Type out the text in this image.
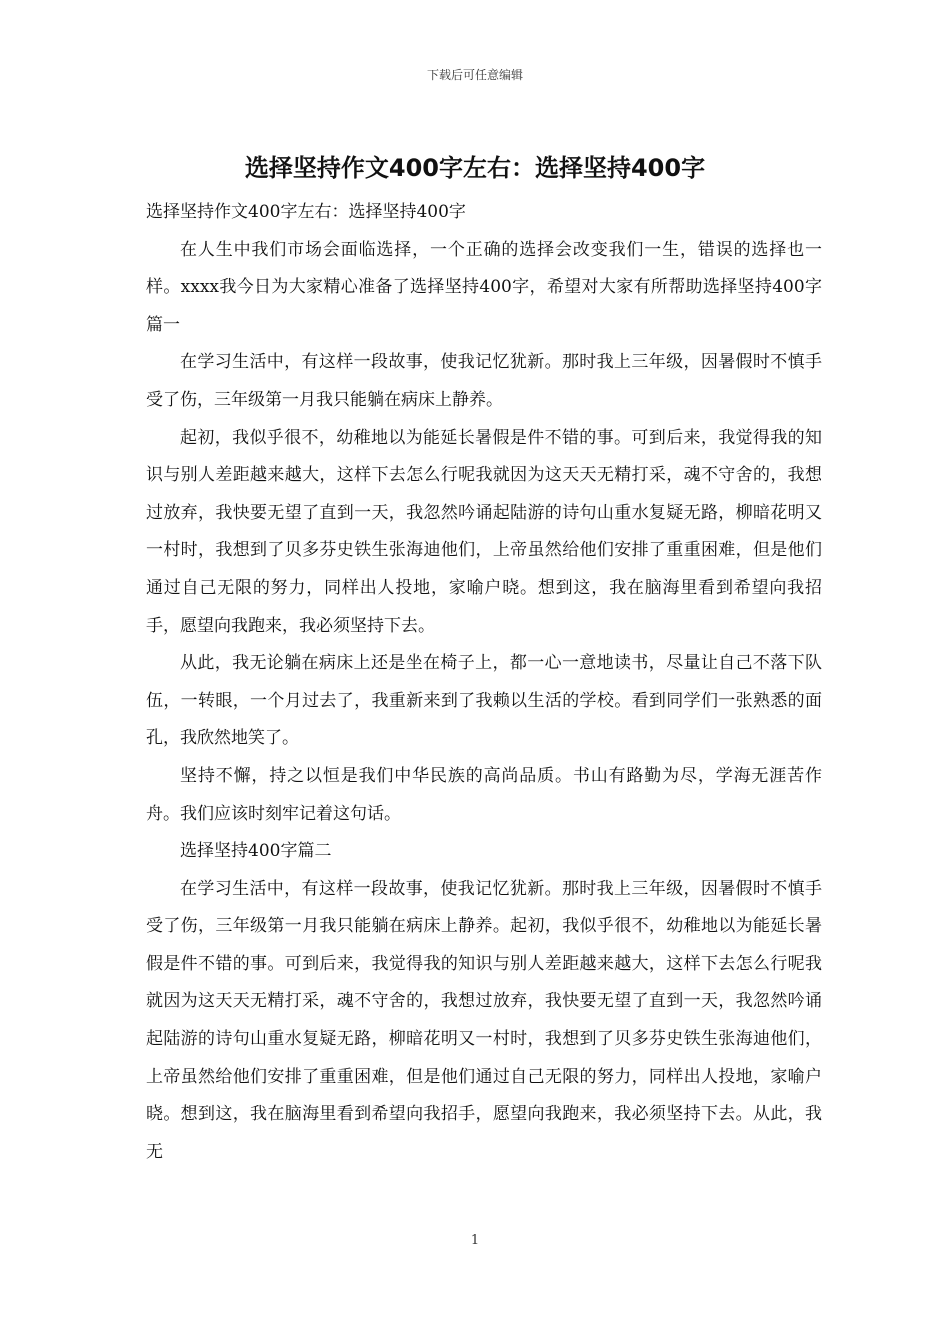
下载后可任意编辑
选择坚持作文400字左右：选择坚持400字

选择坚持作文400字左右：选择坚持400字

在人生中我们市场会面临选择，一个正确的选择会改变我们一生，错误的选择也一样。xxxx我今日为大家精心准备了选择坚持400字，希望对大家有所帮助选择坚持400字篇一

在学习生活中，有这样一段故事，使我记忆犹新。那时我上三年级，因暑假时不慎手受了伤，三年级第一月我只能躺在病床上静养。

起初，我似乎很不，幼稚地以为能延长暑假是件不错的事。可到后来，我觉得我的知识与别人差距越来越大，这样下去怎么行呢我就因为这天天无精打采，魂不守舍的，我想过放弃，我快要无望了直到一天，我忽然吟诵起陆游的诗句山重水复疑无路，柳暗花明又一村时，我想到了贝多芬史铁生张海迪他们，上帝虽然给他们安排了重重困难，但是他们通过自己无限的努力，同样出人投地，家喻户晓。想到这，我在脑海里看到希望向我招手，愿望向我跑来，我必须坚持下去。

从此，我无论躺在病床上还是坐在椅子上，都一心一意地读书，尽量让自己不落下队伍，一转眼，一个月过去了，我重新来到了我赖以生活的学校。看到同学们一张熟悉的面孔，我欣然地笑了。

坚持不懈，持之以恒是我们中华民族的高尚品质。书山有路勤为尽，学海无涯苦作舟。我们应该时刻牢记着这句话。

选择坚持400字篇二

在学习生活中，有这样一段故事，使我记忆犹新。那时我上三年级，因暑假时不慎手受了伤，三年级第一月我只能躺在病床上静养。起初，我似乎很不，幼稚地以为能延长暑假是件不错的事。可到后来，我觉得我的知识与别人差距越来越大，这样下去怎么行呢我就因为这天天无精打采，魂不守舍的，我想过放弃，我快要无望了直到一天，我忽然吟诵起陆游的诗句山重水复疑无路，柳暗花明又一村时，我想到了贝多芬史铁生张海迪他们，上帝虽然给他们安排了重重困难，但是他们通过自己无限的努力，同样出人投地，家喻户晓。想到这，我在脑海里看到希望向我招手，愿望向我跑来，我必须坚持下去。从此，我无

1
